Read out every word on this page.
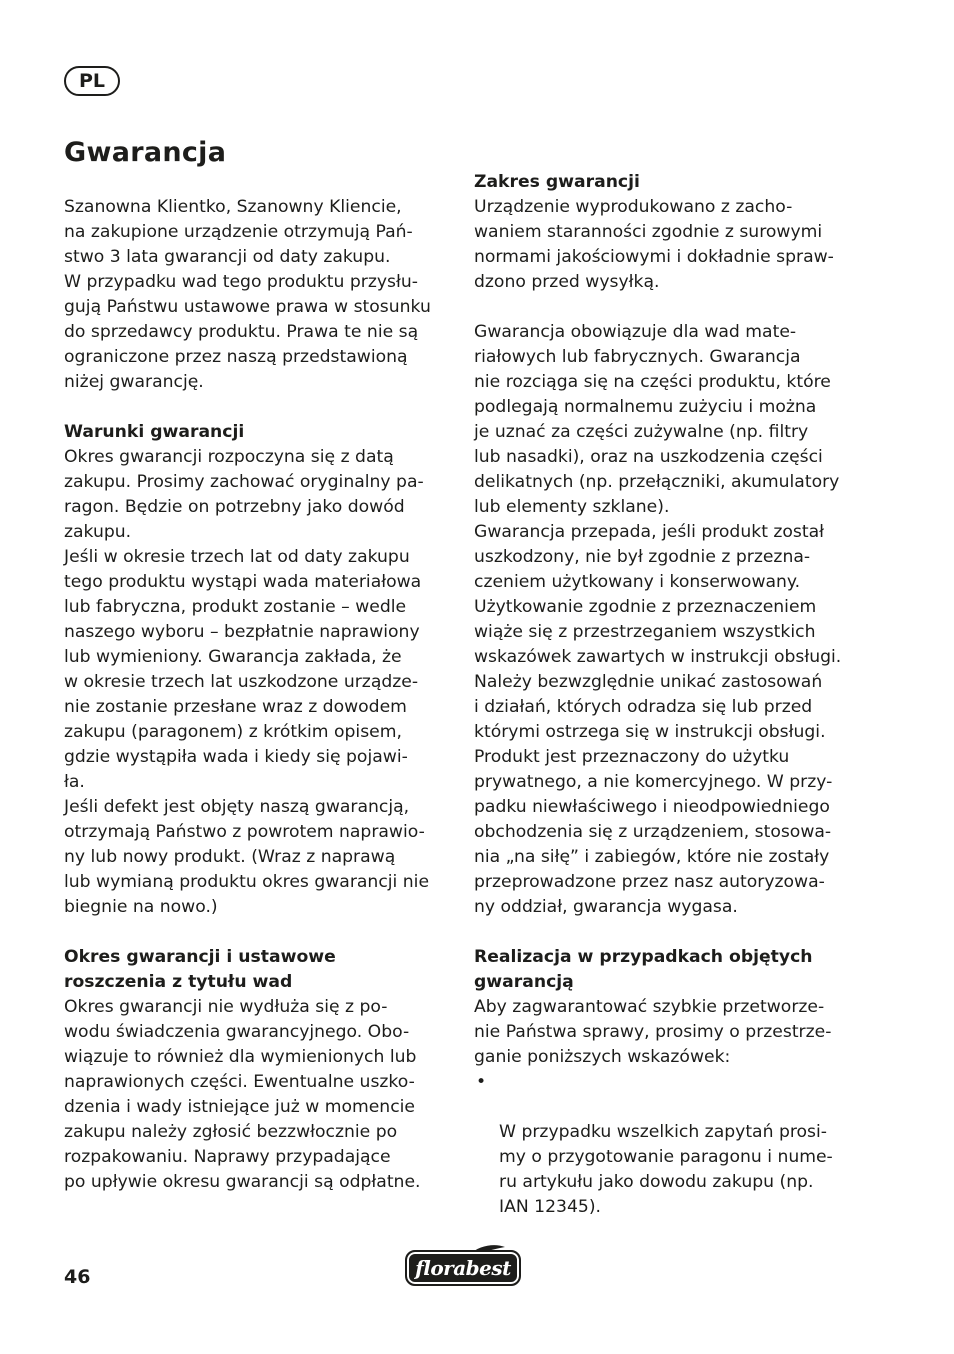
PL
Gwarancja

Szanowna Klientko, Szanowny Kliencie,
na zakupione urządzenie otrzymują Pań-
stwo 3 lata gwarancji od daty zakupu.
W przypadku wad tego produktu przysłu-
gują Państwu ustawowe prawa w stosunku
do sprzedawcy produktu. Prawa te nie są
ograniczone przez naszą przedstawioną
niżej gwarancję.

Warunki gwarancji

Okres gwarancji rozpoczyna się z datą
zakupu. Prosimy zachować oryginalny pa-
ragon. Będzie on potrzebny jako dowód
zakupu.

Jeśli w okresie trzech lat od daty zakupu
tego produktu wystąpi wada materiałowa
lub fabryczna, produkt zostanie – wedle
naszego wyboru – bezpłatnie naprawiony
lub wymieniony. Gwarancja zakłada, że
w okresie trzech lat uszkodzone urządze-
nie zostanie przesłane wraz z dowodem
zakupu (paragonem) z krótkim opisem,
gdzie wystąpiła wada i kiedy się pojawi-
ła.

Jeśli defekt jest objęty naszą gwarancją,
otrzymają Państwo z powrotem naprawio-
ny lub nowy produkt. (Wraz z naprawą
lub wymianą produktu okres gwarancji nie
biegnie na nowo.)

Okres gwarancji i ustawowe
roszczenia z tytułu wad

Okres gwarancji nie wydłuża się z po-
wodu świadczenia gwarancyjnego. Obo-
wiązuje to również dla wymienionych lub
naprawionych części. Ewentualne uszko-
dzenia i wady istniejące już w momencie
zakupu należy zgłosić bezzwłocznie po
rozpakowaniu. Naprawy przypadające
po upływie okresu gwarancji są odpłatne.

Zakres gwarancji

Urządzenie wyprodukowano z zacho-
waniem staranności zgodnie z surowymi
normami jakościowymi i dokładnie spraw-
dzono przed wysyłką.

Gwarancja obowiązuje dla wad mate-
riałowych lub fabrycznych. Gwarancja
nie rozciąga się na części produktu, które
podlegają normalnemu zużyciu i można
je uznać za części zużywalne (np. filtry
lub nasadki), oraz na uszkodzenia części
delikatnych (np. przełączniki, akumulatory
lub elementy szklane).

Gwarancja przepada, jeśli produkt został
uszkodzony, nie był zgodnie z przezna-
czeniem użytkowany i konserwowany.
Użytkowanie zgodnie z przeznaczeniem
wiąże się z przestrzeganiem wszystkich
wskazówek zawartych w instrukcji obsługi.
Należy bezwzględnie unikać zastosowań
i działań, których odradza się lub przed
którymi ostrzega się w instrukcji obsługi.
Produkt jest przeznaczony do użytku
prywatnego, a nie komercyjnego. W przy-
padku niewłaściwego i nieodpowiedniego
obchodzenia się z urządzeniem, stosowa-
nia „na siłę” i zabiegów, które nie zostały
przeprowadzone przez nasz autoryzowa-
ny oddział, gwarancja wygasa.

Realizacja w przypadkach objętych
gwarancją

Aby zagwarantować szybkie przetworze-
nie Państwa sprawy, prosimy o przestrze-
ganie poniższych wskazówek:

•

W przypadku wszelkich zapytań prosi-
my o przygotowanie paragonu i nume-
ru artykułu jako dowodu zakupu (np.
IAN 12345).

46	florabest
